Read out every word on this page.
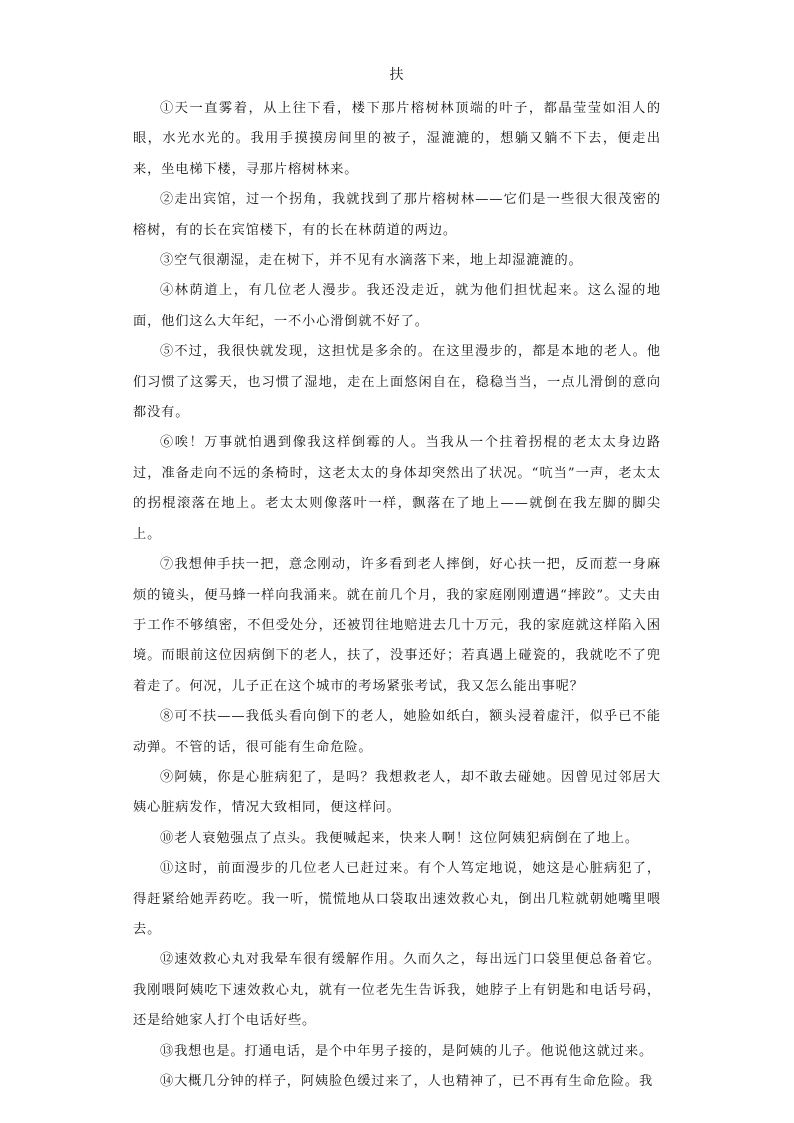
扶

①天一直雾着，从上往下看，楼下那片榕树林顶端的叶子，都晶莹莹如泪人的眼，水光水光的。我用手摸摸房间里的被子，湿漉漉的，想躺又躺不下去，便走出来，坐电梯下楼，寻那片榕树林来。

②走出宾馆，过一个拐角，我就找到了那片榕树林——它们是一些很大很茂密的榕树，有的长在宾馆楼下，有的长在林荫道的两边。

③空气很潮湿，走在树下，并不见有水滴落下来，地上却湿漉漉的。

④林荫道上，有几位老人漫步。我还没走近，就为他们担忧起来。这么湿的地面，他们这么大年纪，一不小心滑倒就不好了。

⑤不过，我很快就发现，这担忧是多余的。在这里漫步的，都是本地的老人。他们习惯了这雾天，也习惯了湿地，走在上面悠闲自在，稳稳当当，一点儿滑倒的意向都没有。

⑥唉！万事就怕遇到像我这样倒霉的人。当我从一个拄着拐棍的老太太身边路过，准备走向不远的条椅时，这老太太的身体却突然出了状况。“吭当”一声，老太太的拐棍滚落在地上。老太太则像落叶一样，飘落在了地上——就倒在我左脚的脚尖上。

⑦我想伸手扶一把，意念刚动，许多看到老人摔倒，好心扶一把，反而惹一身麻烦的镜头，便马蜂一样向我涌来。就在前几个月，我的家庭刚刚遭遇“摔跤”。丈夫由于工作不够缜密，不但受处分，还被罚往地赔进去几十万元，我的家庭就这样陷入困境。而眼前这位因病倒下的老人，扶了，没事还好；若真遇上碰瓷的，我就吃不了兜着走了。何况，儿子正在这个城市的考场紧张考试，我又怎么能出事呢？

⑧可不扶——我低头看向倒下的老人，她脸如纸白，额头浸着虚汗，似乎已不能动弹。不管的话，很可能有生命危险。

⑨阿姨，你是心脏病犯了，是吗？我想救老人，却不敢去碰她。因曾见过邻居大姨心脏病发作，情况大致相同，便这样问。

⑩老人衰勉强点了点头。我便喊起来，快来人啊！这位阿姨犯病倒在了地上。

⑪这时，前面漫步的几位老人已赶过来。有个人笃定地说，她这是心脏病犯了，得赶紧给她弄药吃。我一听，慌慌地从口袋取出速效救心丸，倒出几粒就朝她嘴里喂去。

⑫速效救心丸对我晕车很有缓解作用。久而久之，每出远门口袋里便总备着它。我刚喂阿姨吃下速效救心丸，就有一位老先生告诉我，她脖子上有钥匙和电话号码，还是给她家人打个电话好些。

⑬我想也是。打通电话，是个中年男子接的，是阿姨的儿子。他说他这就过来。

⑭大概几分钟的样子，阿姨脸色缓过来了，人也精神了，已不再有生命危险。我
